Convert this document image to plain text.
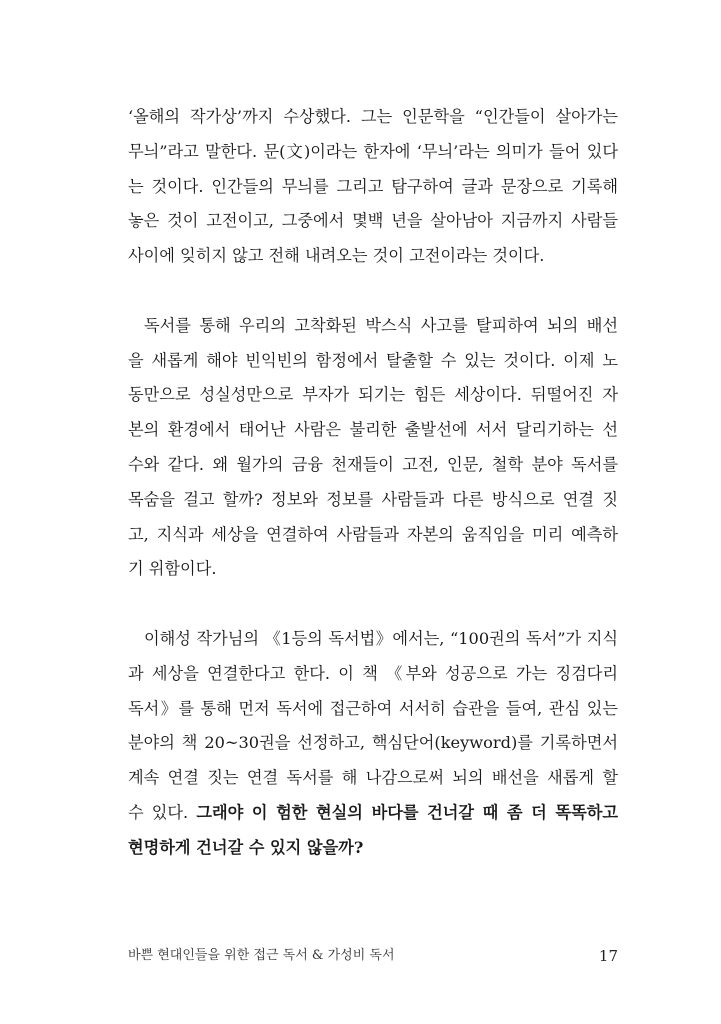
‘올해의 작가상’까지 수상했다. 그는 인문학을 “인간들이 살아가는
무늬”라고 말한다. 문(文)이라는 한자에 ‘무늬’라는 의미가 들어 있다
는 것이다. 인간들의 무늬를 그리고 탐구하여 글과 문장으로 기록해
놓은 것이 고전이고, 그중에서 몇백 년을 살아남아 지금까지 사람들
사이에 잊히지 않고 전해 내려오는 것이 고전이라는 것이다.
독서를 통해 우리의 고착화된 박스식 사고를 탈피하여 뇌의 배선
을 새롭게 해야 빈익빈의 함정에서 탈출할 수 있는 것이다. 이제 노
동만으로 성실성만으로 부자가 되기는 힘든 세상이다. 뒤떨어진 자
본의 환경에서 태어난 사람은 불리한 출발선에 서서 달리기하는 선
수와 같다. 왜 월가의 금융 천재들이 고전, 인문, 철학 분야 독서를
목숨을 걸고 할까? 정보와 정보를 사람들과 다른 방식으로 연결 짓
고, 지식과 세상을 연결하여 사람들과 자본의 움직임을 미리 예측하
기 위함이다.
이해성 작가님의 《1등의 독서법》에서는, “100권의 독서”가 지식
과 세상을 연결한다고 한다. 이 책 《부와 성공으로 가는 징검다리
독서》를 통해 먼저 독서에 접근하여 서서히 습관을 들여, 관심 있는
분야의 책 20~30권을 선정하고, 핵심단어(keyword)를 기록하면서
계속 연결 짓는 연결 독서를 해 나감으로써 뇌의 배선을 새롭게 할
수 있다. 그래야 이 험한 현실의 바다를 건너갈 때 좀 더 똑똑하고
현명하게 건너갈 수 있지 않을까?
바쁜 현대인들을 위한 접근 독서 & 가성비 독서	17
